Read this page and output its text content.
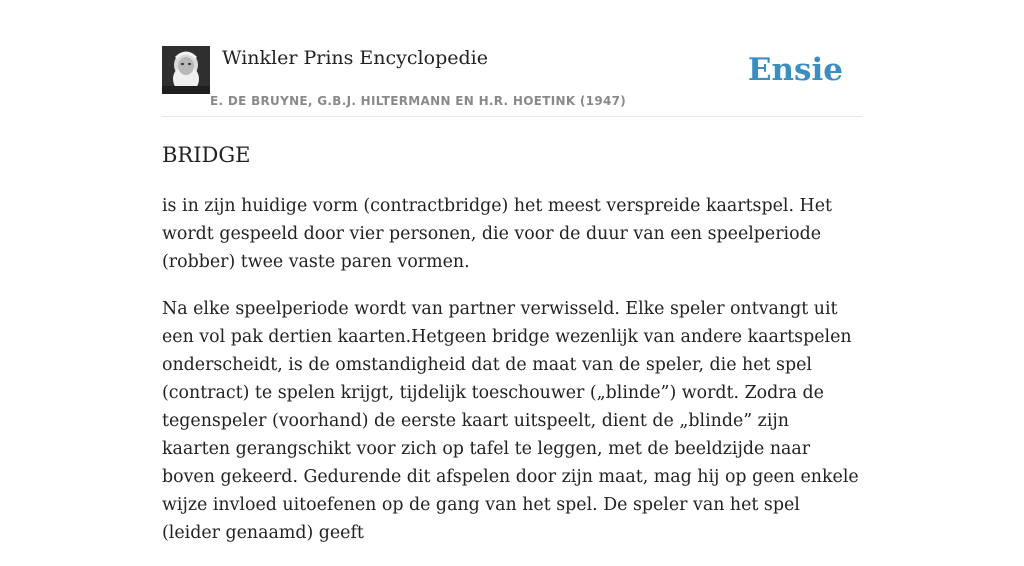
Winkler Prins Encyclopedie
E. DE BRUYNE, G.B.J. HILTERMANN EN H.R. HOETINK (1947)
Ensie
BRIDGE

is in zijn huidige vorm (contractbridge) het meest verspreide kaartspel. Het wordt gespeeld door vier personen, die voor de duur van een speelperiode (robber) twee vaste paren vormen.

Na elke speelperiode wordt van partner verwisseld. Elke speler ontvangt uit een vol pak dertien kaarten.Hetgeen bridge wezenlijk van andere kaartspelen onderscheidt, is de omstandigheid dat de maat van de speler, die het spel (contract) te spelen krijgt, tijdelijk toeschouwer („blinde”) wordt. Zodra de tegenspeler (voorhand) de eerste kaart uitspeelt, dient de „blinde” zijn kaarten gerangschikt voor zich op tafel te leggen, met de beeldzijde naar boven gekeerd. Gedurende dit afspelen door zijn maat, mag hij op geen enkele wijze invloed uitoefenen op de gang van het spel. De speler van het spel (leider genaamd) geeft
